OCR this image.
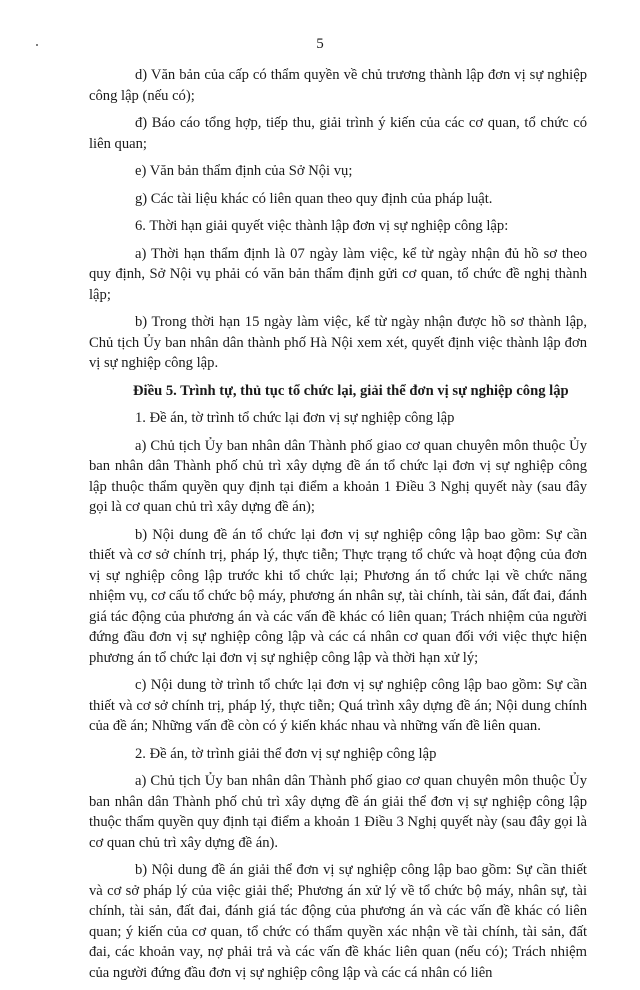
5

d) Văn bản của cấp có thẩm quyền về chủ trương thành lập đơn vị sự nghiệp công lập (nếu có);

đ) Báo cáo tổng hợp, tiếp thu, giải trình ý kiến của các cơ quan, tổ chức có liên quan;

e) Văn bản thẩm định của Sở Nội vụ;

g) Các tài liệu khác có liên quan theo quy định của pháp luật.

6. Thời hạn giải quyết việc thành lập đơn vị sự nghiệp công lập:

a) Thời hạn thẩm định là 07 ngày làm việc, kể từ ngày nhận đủ hồ sơ theo quy định, Sở Nội vụ phải có văn bản thẩm định gửi cơ quan, tổ chức đề nghị thành lập;

b) Trong thời hạn 15 ngày làm việc, kể từ ngày nhận được hồ sơ thành lập, Chủ tịch Ủy ban nhân dân thành phố Hà Nội xem xét, quyết định việc thành lập đơn vị sự nghiệp công lập.

Điều 5. Trình tự, thủ tục tổ chức lại, giải thể đơn vị sự nghiệp công lập

1. Đề án, tờ trình tổ chức lại đơn vị sự nghiệp công lập

a) Chủ tịch Ủy ban nhân dân Thành phố giao cơ quan chuyên môn thuộc Ủy ban nhân dân Thành phố chủ trì xây dựng đề án tổ chức lại đơn vị sự nghiệp công lập thuộc thẩm quyền quy định tại điểm a khoản 1 Điều 3 Nghị quyết này (sau đây gọi là cơ quan chủ trì xây dựng đề án);

b) Nội dung đề án tổ chức lại đơn vị sự nghiệp công lập bao gồm: Sự cần thiết và cơ sở chính trị, pháp lý, thực tiễn; Thực trạng tổ chức và hoạt động của đơn vị sự nghiệp công lập trước khi tổ chức lại; Phương án tổ chức lại về chức năng nhiệm vụ, cơ cấu tổ chức bộ máy, phương án nhân sự, tài chính, tài sản, đất đai, đánh giá tác động của phương án và các vấn đề khác có liên quan; Trách nhiệm của người đứng đầu đơn vị sự nghiệp công lập và các cá nhân cơ quan đối với việc thực hiện phương án tổ chức lại đơn vị sự nghiệp công lập và thời hạn xử lý;

c) Nội dung tờ trình tổ chức lại đơn vị sự nghiệp công lập bao gồm: Sự cần thiết và cơ sở chính trị, pháp lý, thực tiễn; Quá trình xây dựng đề án; Nội dung chính của đề án; Những vấn đề còn có ý kiến khác nhau và những vấn đề liên quan.

2. Đề án, tờ trình giải thể đơn vị sự nghiệp công lập

a) Chủ tịch Ủy ban nhân dân Thành phố giao cơ quan chuyên môn thuộc Ủy ban nhân dân Thành phố chủ trì xây dựng đề án giải thể đơn vị sự nghiệp công lập thuộc thẩm quyền quy định tại điểm a khoản 1 Điều 3 Nghị quyết này (sau đây gọi là cơ quan chủ trì xây dựng đề án).

b) Nội dung đề án giải thể đơn vị sự nghiệp công lập bao gồm: Sự cần thiết và cơ sở pháp lý của việc giải thể; Phương án xử lý về tổ chức bộ máy, nhân sự, tài chính, tài sản, đất đai, đánh giá tác động của phương án và các vấn đề khác có liên quan; ý kiến của cơ quan, tổ chức có thẩm quyền xác nhận về tài chính, tài sản, đất đai, các khoản vay, nợ phải trả và các vấn đề khác liên quan (nếu có); Trách nhiệm của người đứng đầu đơn vị sự nghiệp công lập và các cá nhân có liên
